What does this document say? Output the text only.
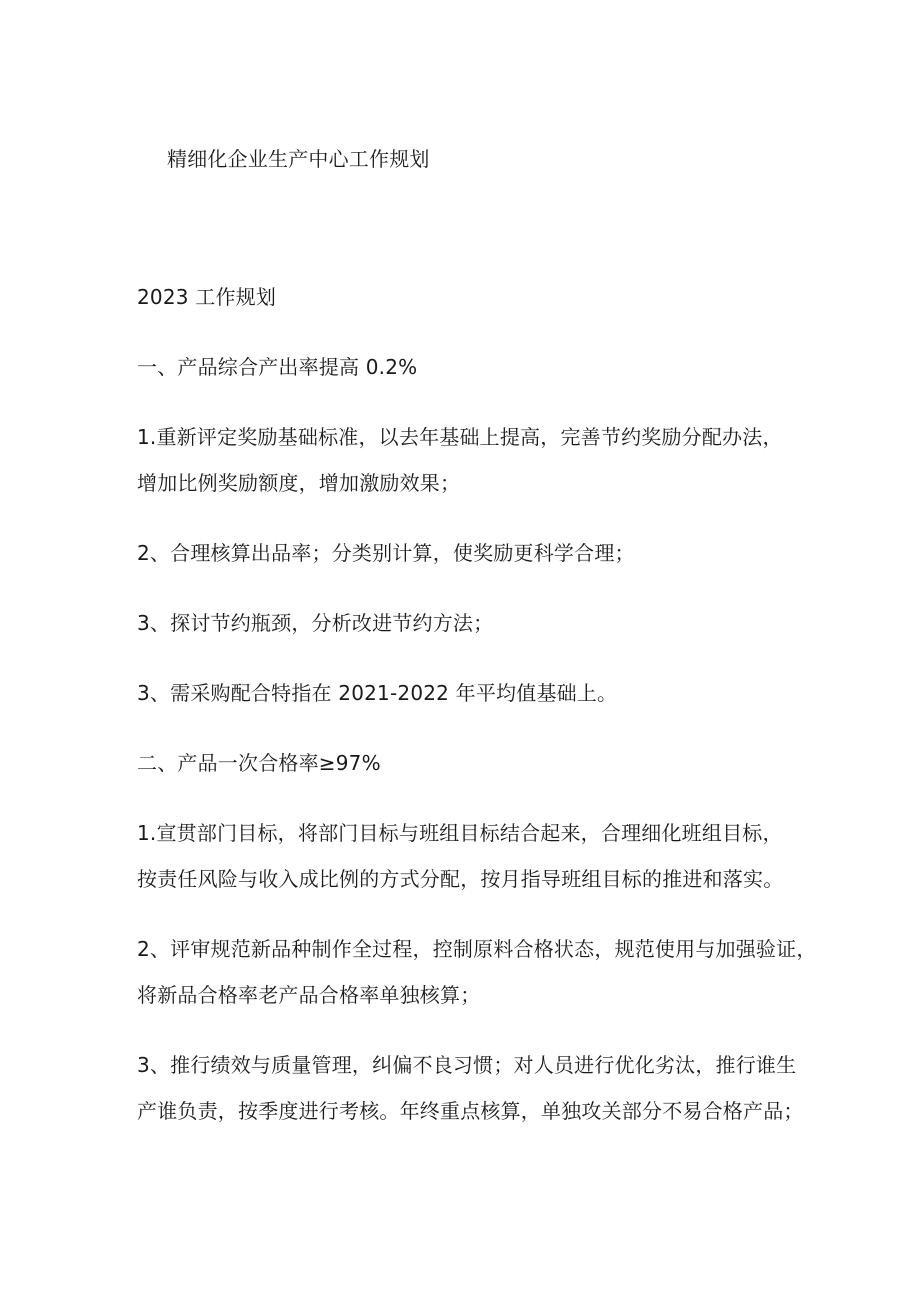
精细化企业生产中心工作规划
2023 工作规划
一、产品综合产出率提高 0.2%
1.重新评定奖励基础标准，以去年基础上提高，完善节约奖励分配办法，
增加比例奖励额度，增加激励效果；
2、合理核算出品率；分类别计算，使奖励更科学合理；
3、探讨节约瓶颈，分析改进节约方法；
3、需采购配合特指在 2021-2022 年平均值基础上。
二、产品一次合格率≥97%
1.宣贯部门目标，将部门目标与班组目标结合起来，合理细化班组目标，
按责任风险与收入成比例的方式分配，按月指导班组目标的推进和落实。
2、评审规范新品种制作全过程，控制原料合格状态，规范使用与加强验证，
将新品合格率老产品合格率单独核算；
3、推行绩效与质量管理，纠偏不良习惯；对人员进行优化劣汰，推行谁生
产谁负责，按季度进行考核。年终重点核算，单独攻关部分不易合格产品；
